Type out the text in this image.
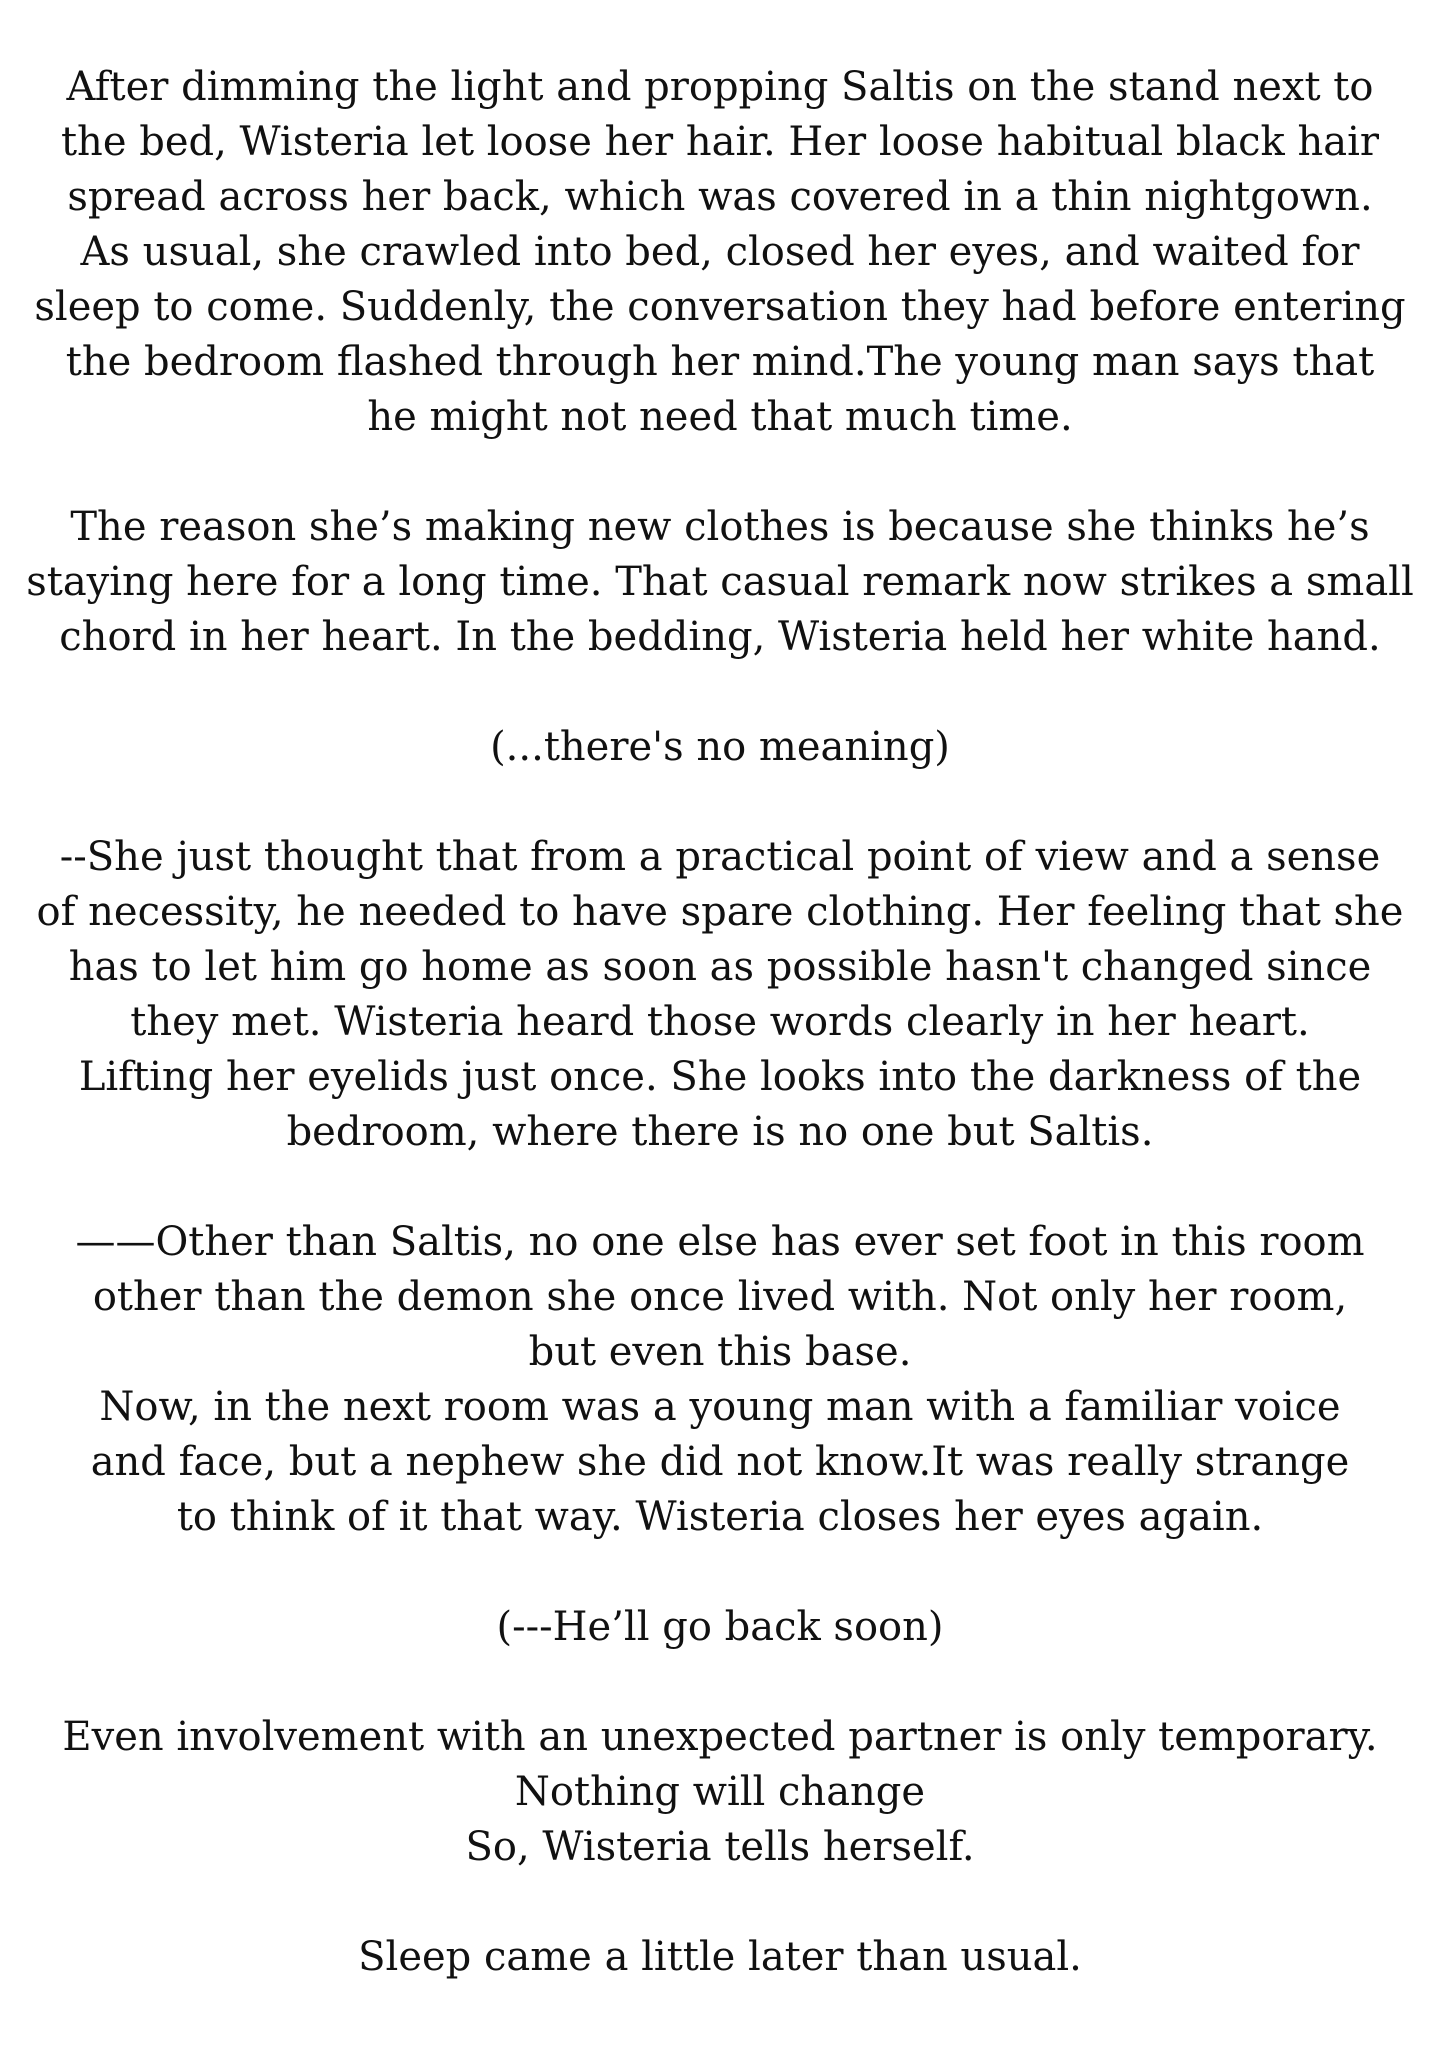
After dimming the light and propping Saltis on the stand next to
the bed, Wisteria let loose her hair. Her loose habitual black hair
spread across her back, which was covered in a thin nightgown.
As usual, she crawled into bed, closed her eyes, and waited for
sleep to come. Suddenly, the conversation they had before entering
the bedroom flashed through her mind.The young man says that
he might not need that much time.

The reason she’s making new clothes is because she thinks he’s
staying here for a long time. That casual remark now strikes a small
chord in her heart. In the bedding, Wisteria held her white hand.

(...there's no meaning)

--She just thought that from a practical point of view and a sense
of necessity, he needed to have spare clothing. Her feeling that she
has to let him go home as soon as possible hasn't changed since
they met. Wisteria heard those words clearly in her heart.
Lifting her eyelids just once. She looks into the darkness of the
bedroom, where there is no one but Saltis.

——Other than Saltis, no one else has ever set foot in this room
other than the demon she once lived with. Not only her room,
but even this base.
Now, in the next room was a young man with a familiar voice
and face, but a nephew she did not know.It was really strange
to think of it that way. Wisteria closes her eyes again.

(---He’ll go back soon)

Even involvement with an unexpected partner is only temporary.
Nothing will change
So, Wisteria tells herself.

Sleep came a little later than usual.
